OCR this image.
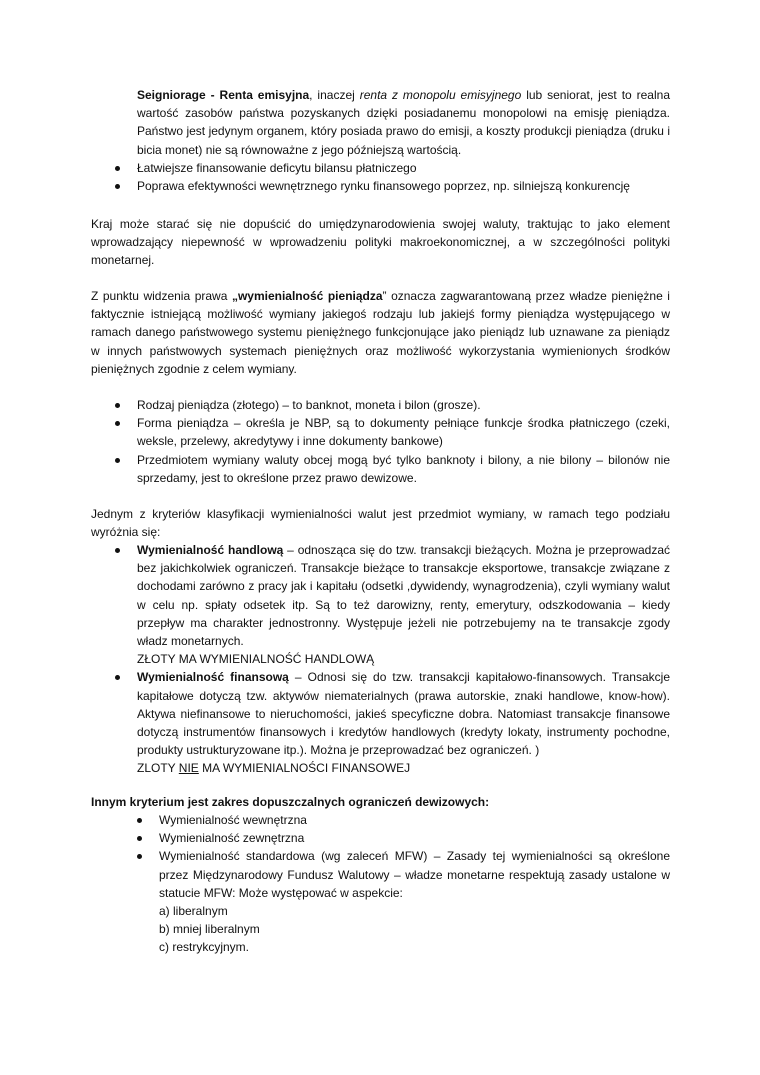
Seigniorage - Renta emisyjna, inaczej renta z monopolu emisyjnego lub seniorat, jest to realna wartość zasobów państwa pozyskanych dzięki posiadanemu monopolowi na emisję pieniądza. Państwo jest jedynym organem, który posiada prawo do emisji, a koszty produkcji pieniądza (druku i bicia monet) nie są równoważne z jego późniejszą wartością.
Łatwiejsze finansowanie deficytu bilansu płatniczego
Poprawa efektywności wewnętrznego rynku finansowego poprzez, np. silniejszą konkurencję
Kraj może starać się nie dopuścić do umiędzynarodowienia swojej waluty, traktując to jako element wprowadzający niepewność w wprowadzeniu polityki makroekonomicznej, a w szczególności polityki monetarnej.
Z punktu widzenia prawa „wymienialność pieniądza” oznacza zagwarantowaną przez władze pieniężne i faktycznie istniejącą możliwość wymiany jakiegoś rodzaju lub jakiejś formy pieniądza występującego w ramach danego państwowego systemu pieniężnego funkcjonujące jako pieniądz lub uznawane za pieniądz w innych państwowych systemach pieniężnych oraz możliwość wykorzystania wymienionych środków pieniężnych zgodnie z celem wymiany.
Rodzaj pieniądza (złotego) – to banknot, moneta i bilon (grosze).
Forma pieniądza – określa je NBP, są to dokumenty pełniące funkcje środka płatniczego (czeki, weksle, przelewy, akredytywy i inne dokumenty bankowe)
Przedmiotem wymiany waluty obcej mogą być tylko banknoty i bilony, a nie bilony – bilonów nie sprzedamy, jest to określone przez prawo dewizowe.
Jednym z kryteriów klasyfikacji wymienialności walut jest przedmiot wymiany, w ramach tego podziału wyróżnia się:
Wymienialność handlową – odnosząca się do tzw. transakcji bieżących. Można je przeprowadzać bez jakichkolwiek ograniczeń. Transakcje bieżące to transakcje eksportowe, transakcje związane z dochodami zarówno z pracy jak i kapitału (odsetki ,dywidendy, wynagrodzenia), czyli wymiany walut w celu np. spłaty odsetek itp. Są to też darowizny, renty, emerytury, odszkodowania – kiedy przepływ ma charakter jednostronny. Występuje jeżeli nie potrzebujemy na te transakcje zgody władz monetarnych.
ZŁOTY MA WYMIENIALNOŚĆ HANDLOWĄ
Wymienialność finansową – Odnosi się do tzw. transakcji kapitałowo-finansowych. Transakcje kapitałowe dotyczą tzw. aktywów niematerialnych (prawa autorskie, znaki handlowe, know-how). Aktywa niefinansowe to nieruchomości, jakieś specyficzne dobra. Natomiast transakcje finansowe dotyczą instrumentów finansowych i kredytów handlowych (kredyty lokaty, instrumenty pochodne, produkty ustrukturyzowane itp.). Można je przeprowadzać bez ograniczeń. )
ZLOTY NIE MA WYMIENIALNOŚCI FINANSOWEJ
Innym kryterium jest zakres dopuszczalnych ograniczeń dewizowych:
Wymienialność wewnętrzna
Wymienialność zewnętrzna
Wymienialność standardowa (wg zaleceń MFW) – Zasady tej wymienialności są określone przez Międzynarodowy Fundusz Walutowy – władze monetarne respektują zasady ustalone w statucie MFW: Może występować w aspekcie:
a) liberalnym
b) mniej liberalnym
c) restrykcyjnym.
